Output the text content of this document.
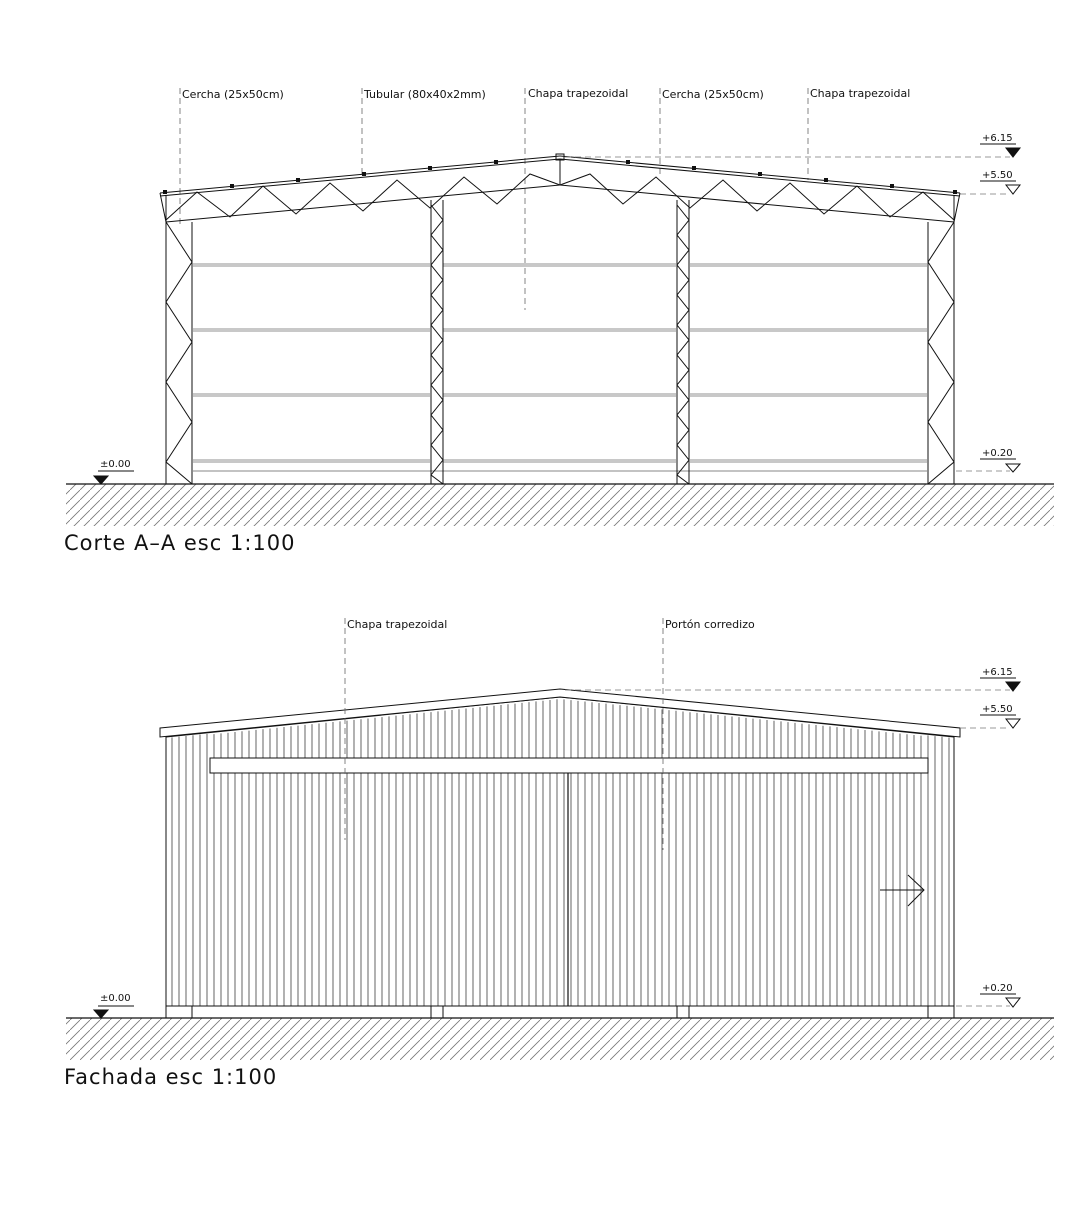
Cercha (25x50cm)	Tubular (80x40x2mm)	Chapa trapezoidal	Cercha (25x50cm)	Chapa trapezoidal
+6.15
+5.50
+0.20
±0.00
Corte A–A esc 1:100
Chapa trapezoidal	Portón corredizo
+6.15
+5.50
+0.20
±0.00
Fachada esc 1:100
